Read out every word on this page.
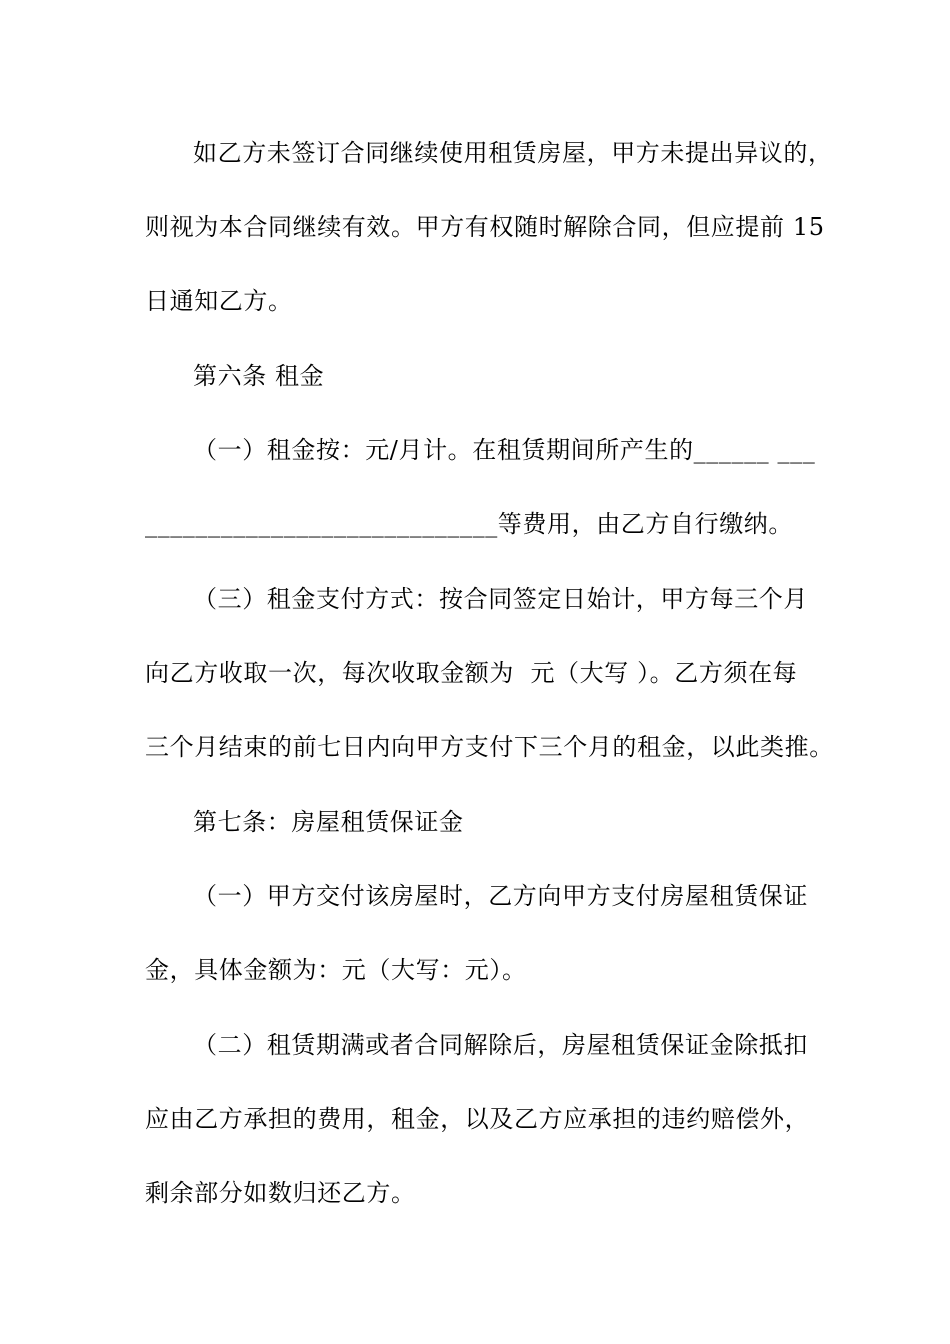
如乙方未签订合同继续使用租赁房屋，甲方未提出异议的，
则视为本合同继续有效。甲方有权随时解除合同，但应提前 15
日通知乙方。
第六条 租金
（一）租金按：元/月计。在租赁期间所产生的______ ___
____________________________等费用，由乙方自行缴纳。
（三）租金支付方式：按合同签定日始计，甲方每三个月
向乙方收取一次，每次收取金额为  元（大写 ）。乙方须在每
三个月结束的前七日内向甲方支付下三个月的租金，以此类推。
第七条：房屋租赁保证金
（一）甲方交付该房屋时，乙方向甲方支付房屋租赁保证
金，具体金额为：元（大写：元）。
（二）租赁期满或者合同解除后，房屋租赁保证金除抵扣
应由乙方承担的费用，租金，以及乙方应承担的违约赔偿外，
剩余部分如数归还乙方。
